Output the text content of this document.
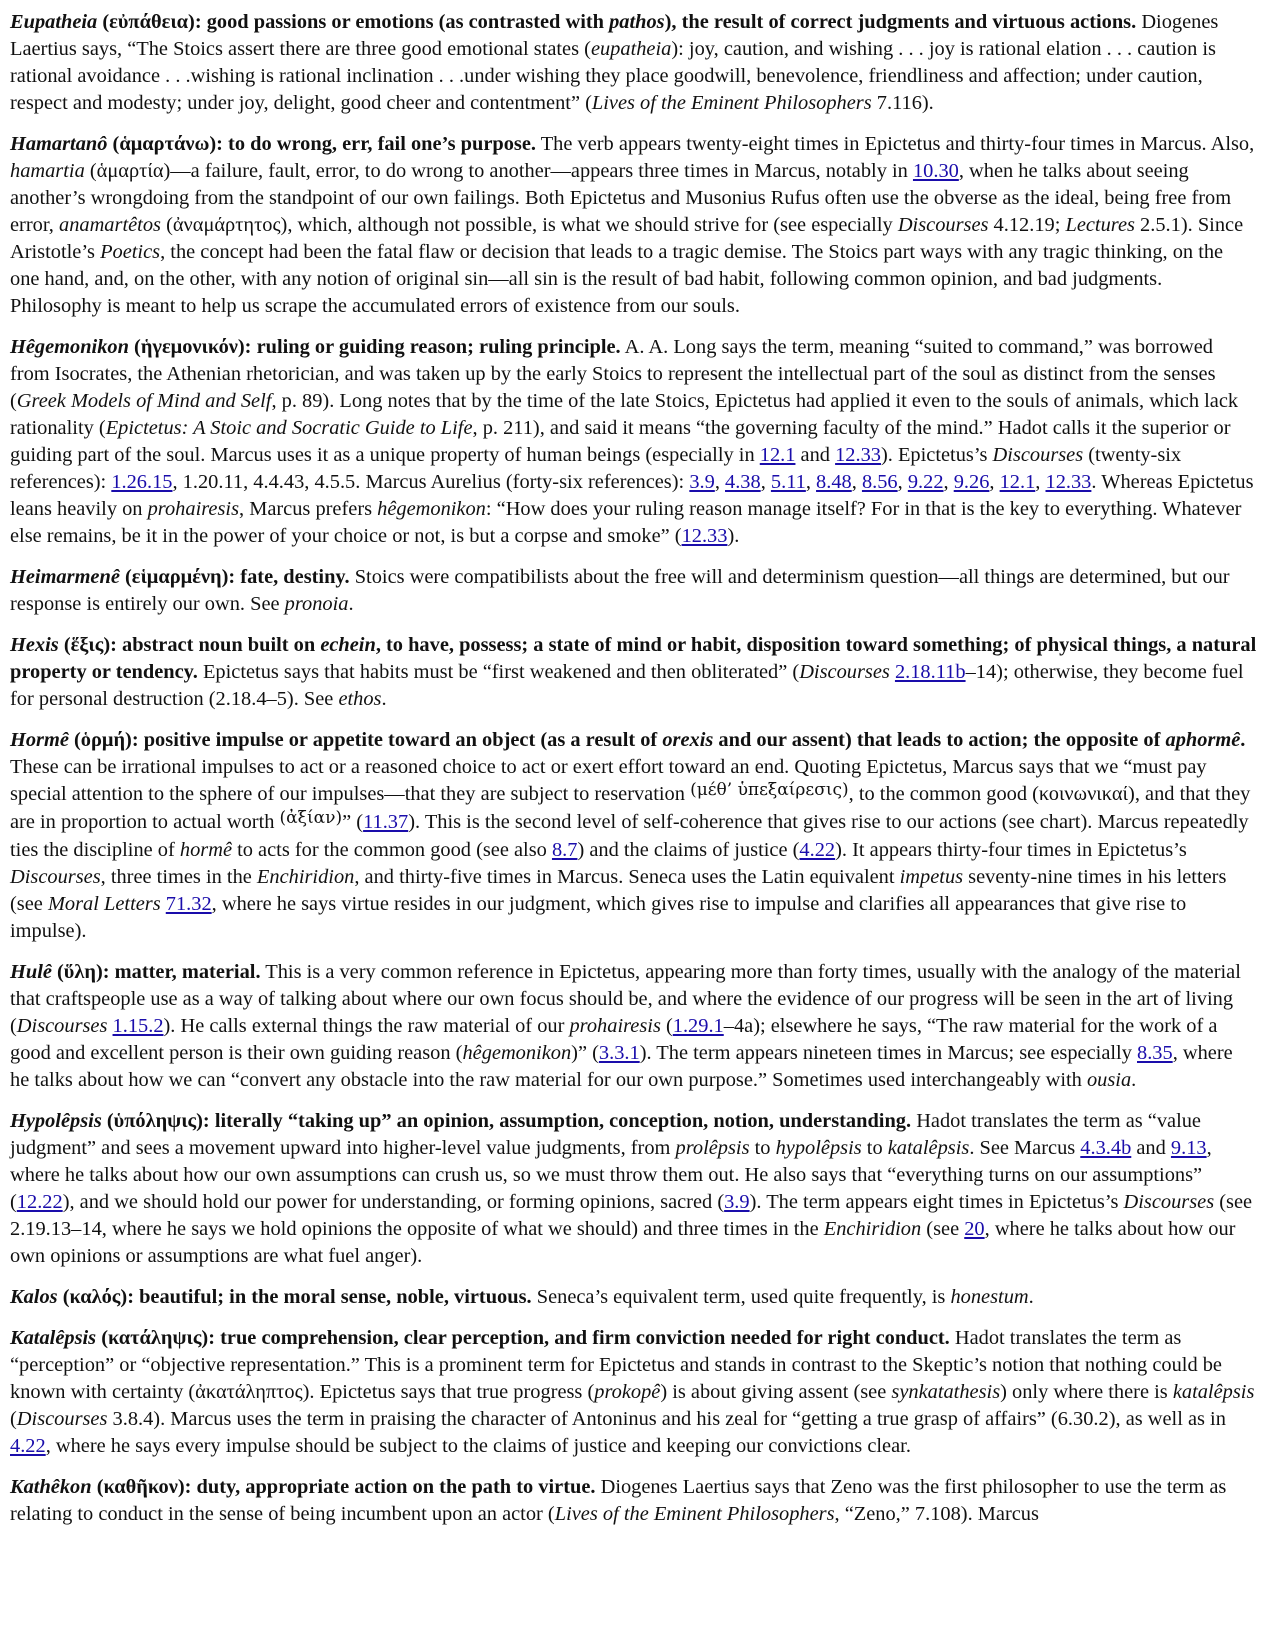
Eupatheia (εὐπάθεια): good passions or emotions (as contrasted with pathos), the result of correct judgments and virtuous actions. Diogenes Laertius says, “The Stoics assert there are three good emotional states (eupatheia): joy, caution, and wishing . . . joy is rational elation . . . caution is rational avoidance . . .wishing is rational inclination . . .under wishing they place goodwill, benevolence, friendliness and affection; under caution, respect and modesty; under joy, delight, good cheer and contentment” (Lives of the Eminent Philosophers 7.116).

Hamartanô (ἁμαρτάνω): to do wrong, err, fail one’s purpose. The verb appears twenty-eight times in Epictetus and thirty-four times in Marcus. Also, hamartia (ἁμαρτία)—a failure, fault, error, to do wrong to another—appears three times in Marcus, notably in 10.30, when he talks about seeing another’s wrongdoing from the standpoint of our own failings. Both Epictetus and Musonius Rufus often use the obverse as the ideal, being free from error, anamartêtos (ἀναμάρτητος), which, although not possible, is what we should strive for (see especially Discourses 4.12.19; Lectures 2.5.1). Since Aristotle’s Poetics, the concept had been the fatal flaw or decision that leads to a tragic demise. The Stoics part ways with any tragic thinking, on the one hand, and, on the other, with any notion of original sin—all sin is the result of bad habit, following common opinion, and bad judgments. Philosophy is meant to help us scrape the accumulated errors of existence from our souls.

Hêgemonikon (ἡγεμονικόν): ruling or guiding reason; ruling principle. A. A. Long says the term, meaning “suited to command,” was borrowed from Isocrates, the Athenian rhetorician, and was taken up by the early Stoics to represent the intellectual part of the soul as distinct from the senses (Greek Models of Mind and Self, p. 89). Long notes that by the time of the late Stoics, Epictetus had applied it even to the souls of animals, which lack rationality (Epictetus: A Stoic and Socratic Guide to Life, p. 211), and said it means “the governing faculty of the mind.” Hadot calls it the superior or guiding part of the soul. Marcus uses it as a unique property of human beings (especially in 12.1 and 12.33). Epictetus’s Discourses (twenty-six references): 1.26.15, 1.20.11, 4.4.43, 4.5.5. Marcus Aurelius (forty-six references): 3.9, 4.38, 5.11, 8.48, 8.56, 9.22, 9.26, 12.1, 12.33. Whereas Epictetus leans heavily on prohairesis, Marcus prefers hêgemonikon: “How does your ruling reason manage itself? For in that is the key to everything. Whatever else remains, be it in the power of your choice or not, is but a corpse and smoke” (12.33).

Heimarmenê (εἱμαρμένη): fate, destiny. Stoics were compatibilists about the free will and determinism question—all things are determined, but our response is entirely our own. See pronoia.

Hexis (ἕξις): abstract noun built on echein, to have, possess; a state of mind or habit, disposition toward something; of physical things, a natural property or tendency. Epictetus says that habits must be “first weakened and then obliterated” (Discourses 2.18.11b–14); otherwise, they become fuel for personal destruction (2.18.4–5). See ethos.

Hormê (ὁρμή): positive impulse or appetite toward an object (as a result of orexis and our assent) that leads to action; the opposite of aphormê. These can be irrational impulses to act or a reasoned choice to act or exert effort toward an end. Quoting Epictetus, Marcus says that we “must pay special attention to the sphere of our impulses—that they are subject to reservation $^{(\mu έ\theta’ ὑ\pi\varepsilon\xi\alpha ί\rho\varepsilon\sigma\iota\varsigma)}$, to the common good (κοινωνικαί), and that they are in proportion to actual worth $^{(ἀ\xi ί\alpha\nu)}$” (11.37). This is the second level of self-coherence that gives rise to our actions (see chart). Marcus repeatedly ties the discipline of hormê to acts for the common good (see also 8.7) and the claims of justice (4.22). It appears thirty-four times in Epictetus’s Discourses, three times in the Enchiridion, and thirty-five times in Marcus. Seneca uses the Latin equivalent impetus seventy-nine times in his letters (see Moral Letters 71.32, where he says virtue resides in our judgment, which gives rise to impulse and clarifies all appearances that give rise to impulse).

Hulê (ὕλη): matter, material. This is a very common reference in Epictetus, appearing more than forty times, usually with the analogy of the material that craftspeople use as a way of talking about where our own focus should be, and where the evidence of our progress will be seen in the art of living (Discourses 1.15.2). He calls external things the raw material of our prohairesis (1.29.1–4a); elsewhere he says, “The raw material for the work of a good and excellent person is their own guiding reason (hêgemonikon)” (3.3.1). The term appears nineteen times in Marcus; see especially 8.35, where he talks about how we can “convert any obstacle into the raw material for our own purpose.” Sometimes used interchangeably with ousia.

Hypolêpsis (ὑπόληψις): literally “taking up” an opinion, assumption, conception, notion, understanding. Hadot translates the term as “value judgment” and sees a movement upward into higher-level value judgments, from prolêpsis to hypolêpsis to katalêpsis. See Marcus 4.3.4b and 9.13, where he talks about how our own assumptions can crush us, so we must throw them out. He also says that “everything turns on our assumptions” (12.22), and we should hold our power for understanding, or forming opinions, sacred (3.9). The term appears eight times in Epictetus’s Discourses (see 2.19.13–14, where he says we hold opinions the opposite of what we should) and three times in the Enchiridion (see 20, where he talks about how our own opinions or assumptions are what fuel anger).

Kalos (καλός): beautiful; in the moral sense, noble, virtuous. Seneca’s equivalent term, used quite frequently, is honestum.

Katalêpsis (κατάληψις): true comprehension, clear perception, and firm conviction needed for right conduct. Hadot translates the term as “perception” or “objective representation.” This is a prominent term for Epictetus and stands in contrast to the Skeptic’s notion that nothing could be known with certainty (ἀκατάληπτος). Epictetus says that true progress (prokopê) is about giving assent (see synkatathesis) only where there is katalêpsis (Discourses 3.8.4). Marcus uses the term in praising the character of Antoninus and his zeal for “getting a true grasp of affairs” (6.30.2), as well as in 4.22, where he says every impulse should be subject to the claims of justice and keeping our convictions clear.

Kathêkon (καθῆκον): duty, appropriate action on the path to virtue. Diogenes Laertius says that Zeno was the first philosopher to use the term as relating to conduct in the sense of being incumbent upon an actor (Lives of the Eminent Philosophers, “Zeno,” 7.108). Marcus
